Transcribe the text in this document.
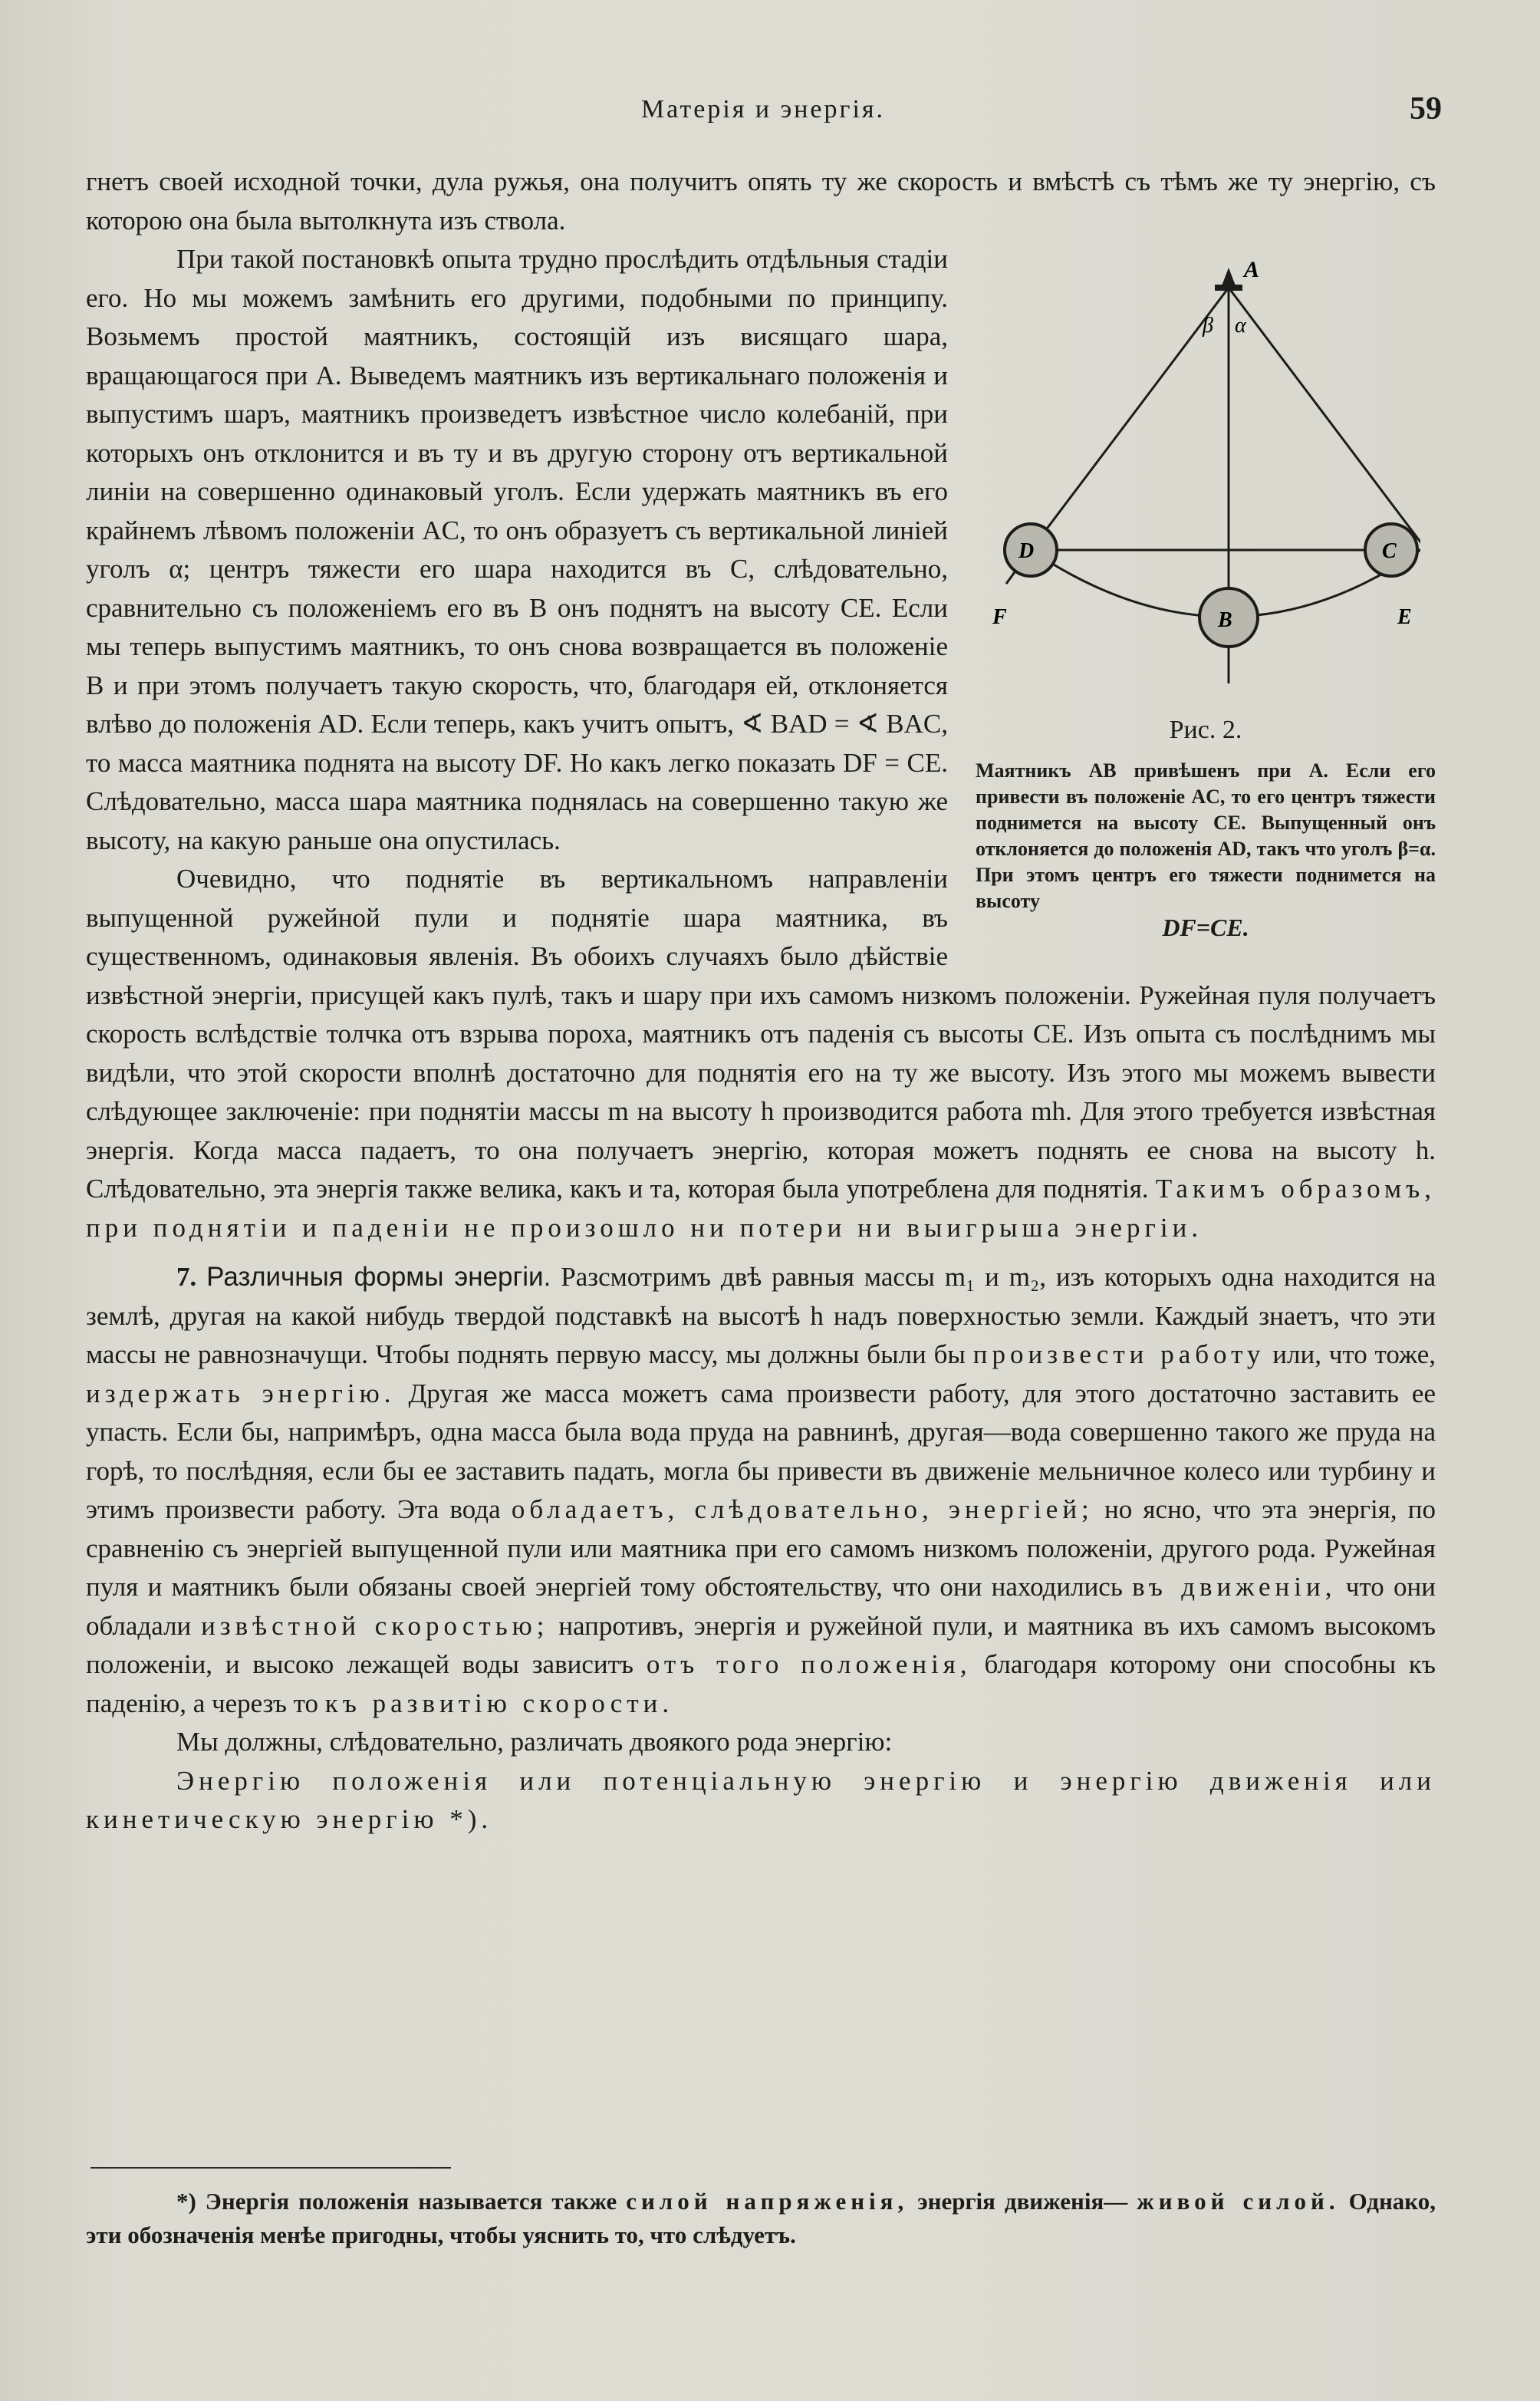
Матерія и энергія.	59

гнетъ своей исходной точки, дула ружья, она получитъ опять ту же скорость и вмѣстѣ съ тѣмъ же ту энергію, съ которою она была вытолкнута изъ ствола.

A
β α
D
B
C
F	E
Рис. 2.
Маятникъ AB привѣшенъ при A. Если его привести въ положеніе AC, то его центръ тяжести поднимется на высоту CE. Выпущенный онъ отклоняется до положенія AD, такъ что уголъ β=α. При этомъ центръ его тяжести поднимется на высоту
DF=CE.

При такой постановкѣ опыта трудно прослѣдить отдѣльныя стадіи его. Но мы можемъ замѣнить его другими, подобными по принципу. Возьмемъ простой маятникъ, состоящій изъ висящаго шара, вращающагося при A. Выведемъ маятникъ изъ вертикальнаго положенія и выпустимъ шаръ, маятникъ произведетъ извѣстное число колебаній, при которыхъ онъ отклонится и въ ту и въ другую сторону отъ вертикальной линіи на совершенно одинаковый уголъ. Если удержать маятникъ въ его крайнемъ лѣвомъ положеніи AC, то онъ образуетъ съ вертикальной линіей уголъ α; центръ тяжести его шара находится въ C, слѣдовательно, сравнительно съ положеніемъ его въ B онъ поднятъ на высоту CE. Если мы теперь выпустимъ маятникъ, то онъ снова возвращается въ положеніе B и при этомъ получаетъ такую скорость, что, благодаря ей, отклоняется влѣво до положенія AD. Если теперь, какъ учитъ опытъ, ∢ BAD = ∢ BAC, то масса маятника поднята на высоту DF. Но какъ легко показать DF = CE. Слѣдовательно, масса шара маятника поднялась на совершенно такую же высоту, на какую раньше она опустилась.

Очевидно, что поднятіе въ вертикальномъ направленіи выпущенной ружейной пули и поднятіе шара маятника, въ существенномъ, одинаковыя явленія. Въ обоихъ случаяхъ было дѣйствіе извѣстной энергіи, присущей какъ пулѣ, такъ и шару при ихъ самомъ низкомъ положеніи. Ружейная пуля получаетъ скорость вслѣдствіе толчка отъ взрыва пороха, маятникъ отъ паденія съ высоты CE. Изъ опыта съ послѣднимъ мы видѣли, что этой скорости вполнѣ достаточно для поднятія его на ту же высоту. Изъ этого мы можемъ вывести слѣдующее заключеніе: при поднятіи массы m на высоту h производится работа mh. Для этого требуется извѣстная энергія. Когда масса падаетъ, то она получаетъ энергію, которая можетъ поднять ее снова на высоту h. Слѣдовательно, эта энергія также велика, какъ и та, которая была употреблена для поднятія. Такимъ образомъ, при поднятіи и паденіи не произошло ни потери ни выигрыша энергіи.

7. Различныя формы энергіи. Разсмотримъ двѣ равныя массы m₁ и m₂, изъ которыхъ одна находится на землѣ, другая на какой нибудь твердой подставкѣ на высотѣ h надъ поверхностью земли. Каждый знаетъ, что эти массы не равнозначущи. Чтобы поднять первую массу, мы должны были бы произвести работу или, что тоже, издержать энергію. Другая же масса можетъ сама произвести работу, для этого достаточно заставить ее упасть. Если бы, напримѣръ, одна масса была вода пруда на равнинѣ, другая—вода совершенно такого же пруда на горѣ, то послѣдняя, если бы ее заставить падать, могла бы привести въ движеніе мельничное колесо или турбину и этимъ произвести работу. Эта вода обладаетъ, слѣдовательно, энергіей; но ясно, что эта энергія, по сравненію съ энергіей выпущенной пули или маятника при его самомъ низкомъ положеніи, другого рода. Ружейная пуля и маятникъ были обязаны своей энергіей тому обстоятельству, что они находились въ движеніи, что они обладали извѣстной скоростью; напротивъ, энергія и ружейной пули, и маятника въ ихъ самомъ высокомъ положеніи, и высоко лежащей воды зависитъ отъ того положенія, благодаря которому они способны къ паденію, а черезъ то къ развитію скорости.

Мы должны, слѣдовательно, различать двоякого рода энергію:

Энергію положенія или потенціальную энергію и энергію движенія или кинетическую энергію *).

*) Энергія положенія называется также силой напряженія, энергія движенія— живой силой. Однако, эти обозначенія менѣе пригодны, чтобы уяснить то, что слѣдуетъ.
